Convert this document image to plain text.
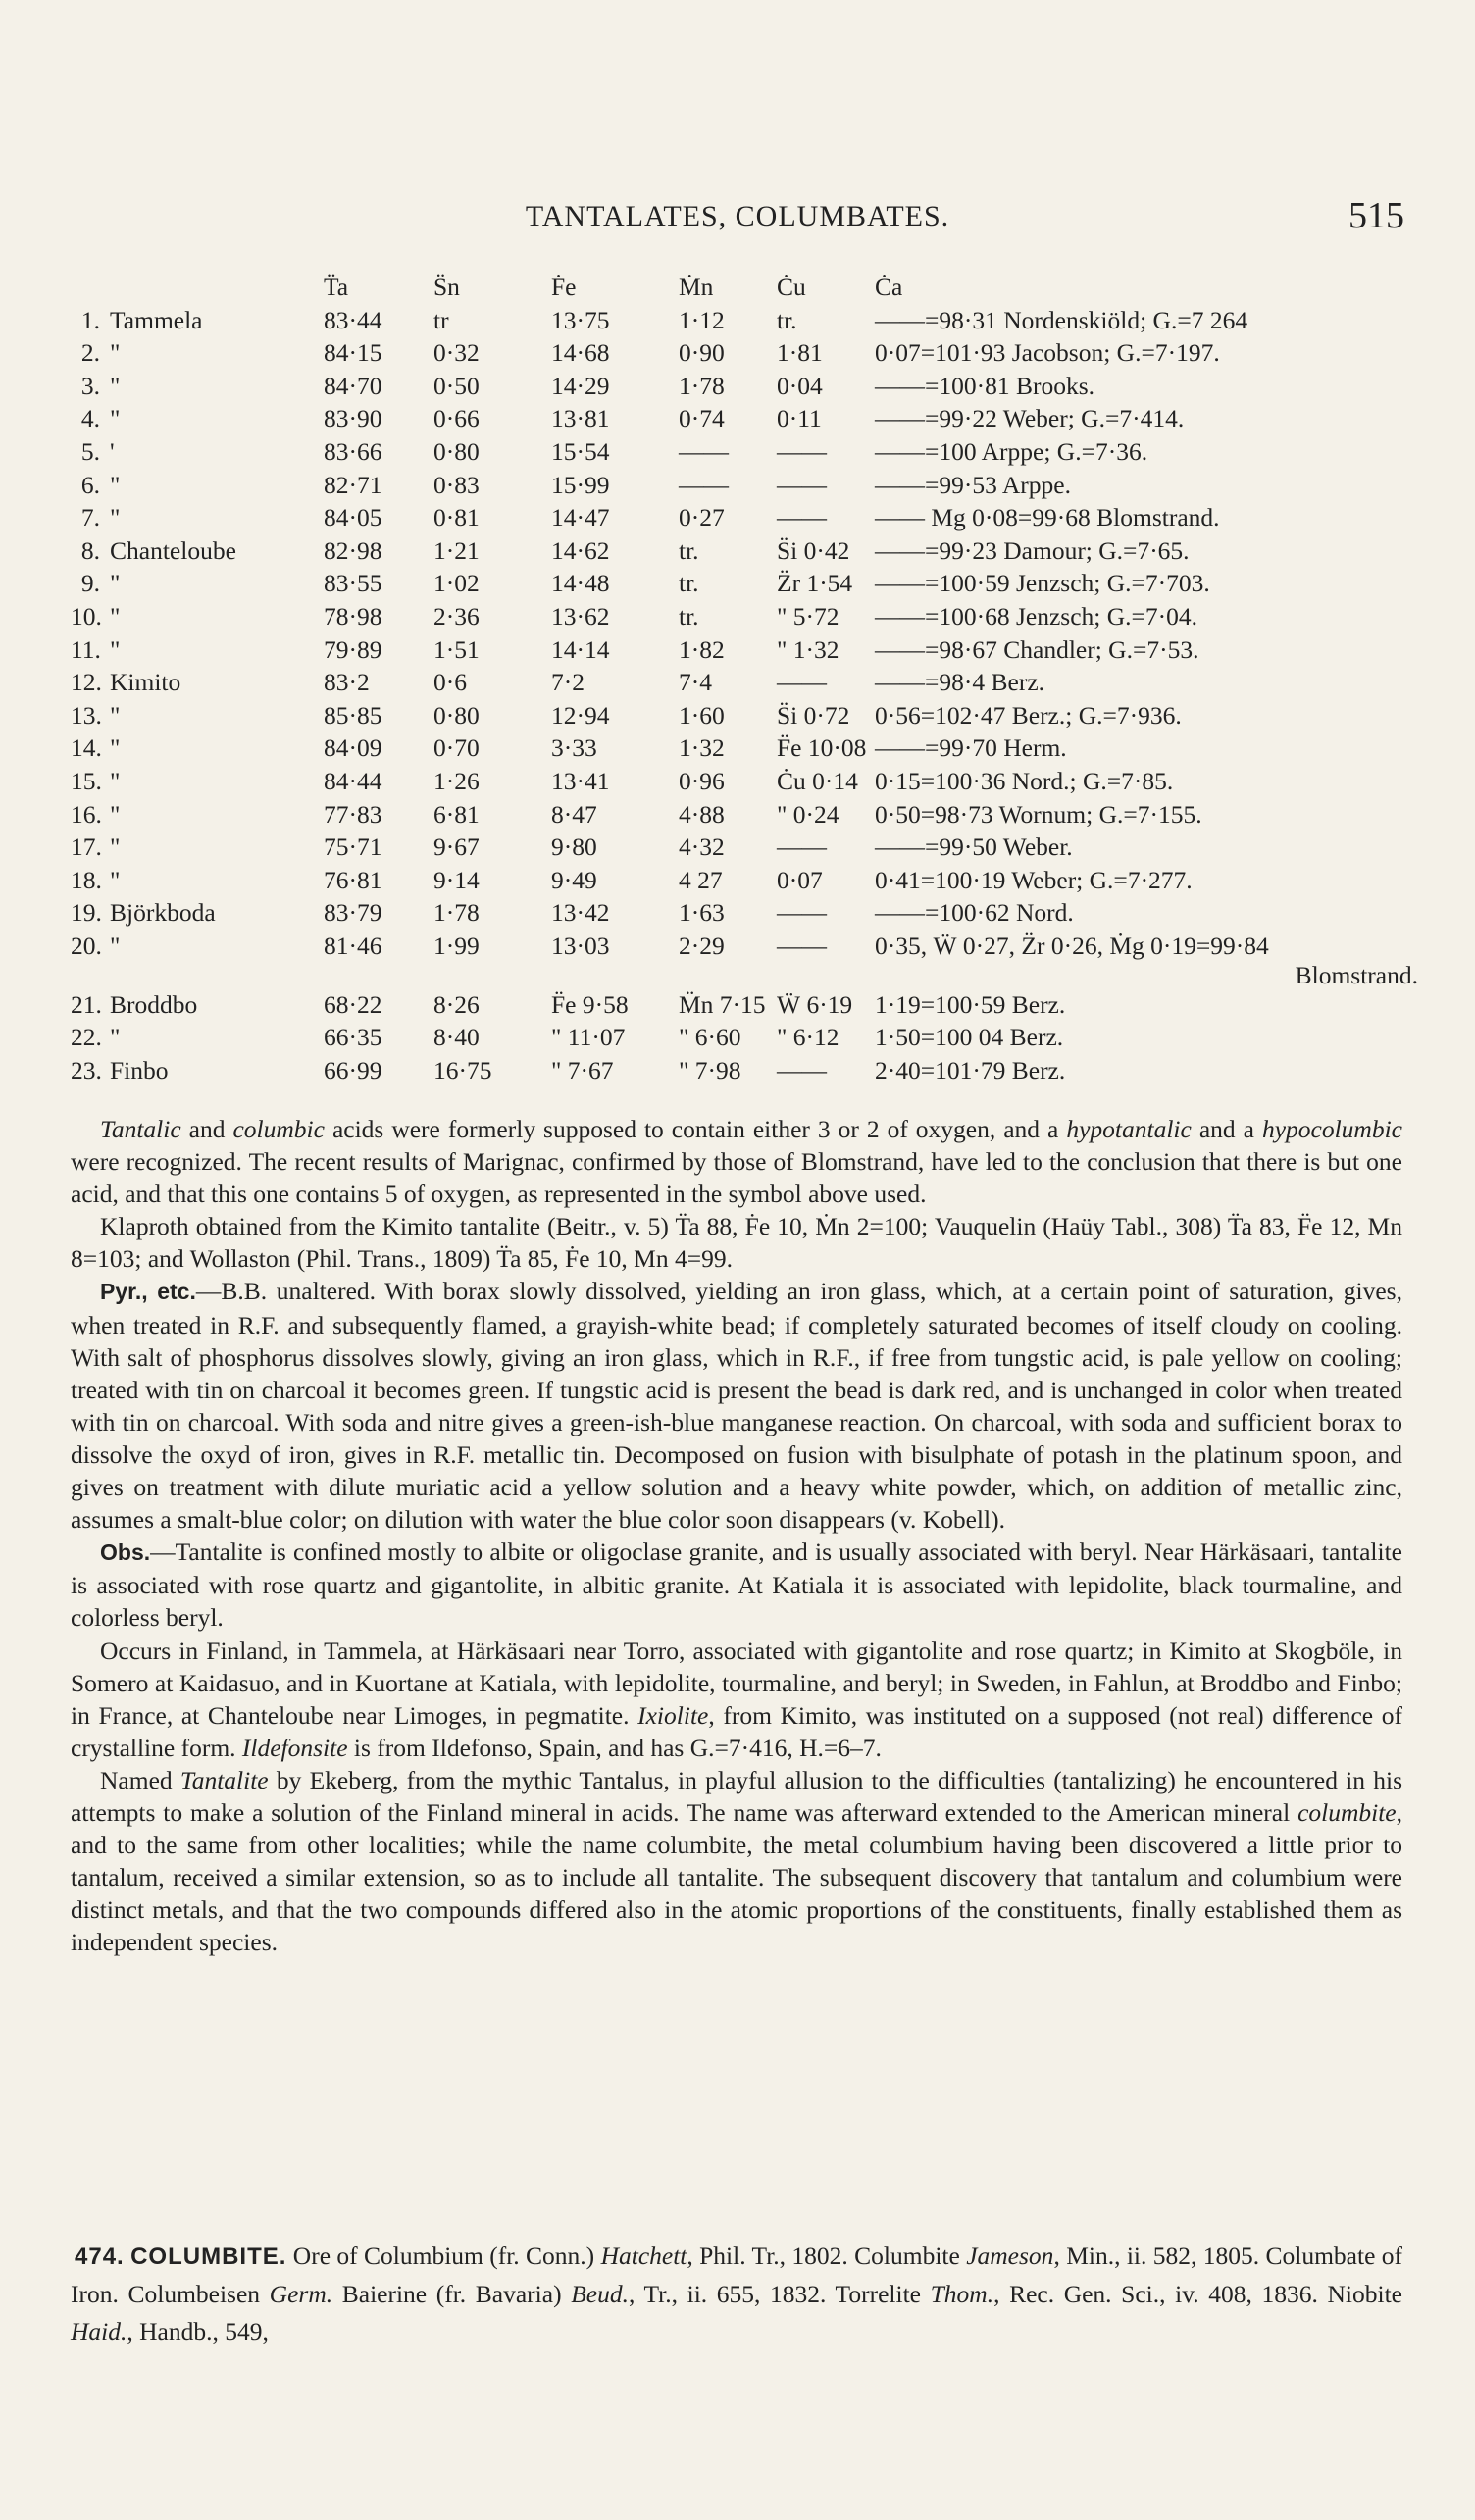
TANTALATES, COLUMBATES.	515
		T̈a	S̈n	Ḟe	Ṁn	Ċu	Ċa
1.	Tammela	83·44	tr	13·75	1·12	tr.	——=98·31 Nordenskiöld; G.=7 264
2.	"	84·15	0·32	14·68	0·90	1·81	0·07=101·93 Jacobson; G.=7·197.
3.	"	84·70	0·50	14·29	1·78	0·04	——=100·81 Brooks.
4.	"	83·90	0·66	13·81	0·74	0·11	——=99·22 Weber; G.=7·414.
5.	'	83·66	0·80	15·54	——	——	——=100 Arppe; G.=7·36.
6.	"	82·71	0·83	15·99	——	——	——=99·53 Arppe.
7.	"	84·05	0·81	14·47	0·27	——	—— Mg 0·08=99·68 Blomstrand.
8.	Chanteloube	82·98	1·21	14·62	tr.	S̈i 0·42	——=99·23 Damour; G.=7·65.
9.	"	83·55	1·02	14·48	tr.	Z̈r 1·54	——=100·59 Jenzsch; G.=7·703.
10.	"	78·98	2·36	13·62	tr.	" 5·72	——=100·68 Jenzsch; G.=7·04.
11.	"	79·89	1·51	14·14	1·82	" 1·32	——=98·67 Chandler; G.=7·53.
12.	Kimito	83·2	0·6	7·2	7·4	——	——=98·4 Berz.
13.	"	85·85	0·80	12·94	1·60	S̈i 0·72	0·56=102·47 Berz.; G.=7·936.
14.	"	84·09	0·70	3·33	1·32	F̈e 10·08	——=99·70 Herm.
15.	"	84·44	1·26	13·41	0·96	Ċu 0·14	0·15=100·36 Nord.; G.=7·85.
16.	"	77·83	6·81	8·47	4·88	" 0·24	0·50=98·73 Wornum; G.=7·155.
17.	"	75·71	9·67	9·80	4·32	——	——=99·50 Weber.
18.	"	76·81	9·14	9·49	4 27	0·07	0·41=100·19 Weber; G.=7·277.
19.	Björkboda	83·79	1·78	13·42	1·63	——	——=100·62 Nord.
20.	"	81·46	1·99	13·03	2·29	——	0·35, Ẅ 0·27, Z̈r 0·26, Ṁg 0·19=99·84
Blomstrand.

21.	Broddbo	68·22	8·26	F̈e 9·58	M̈n 7·15	Ẅ 6·19	1·19=100·59 Berz.
22.	"	66·35	8·40	" 11·07	" 6·60	" 6·12	1·50=100 04 Berz.
23.	Finbo	66·99	16·75	" 7·67	" 7·98	——	2·40=101·79 Berz.

Tantalic and columbic acids were formerly supposed to contain either 3 or 2 of oxygen, and a hypotantalic and a hypocolumbic were recognized. The recent results of Marignac, confirmed by those of Blomstrand, have led to the conclusion that there is but one acid, and that this one contains 5 of oxygen, as represented in the symbol above used.

Klaproth obtained from the Kimito tantalite (Beitr., v. 5) T̈a 88, Ḟe 10, Ṁn 2=100; Vauquelin (Haüy Tabl., 308) T̈a 83, F̈e 12, Mn 8=103; and Wollaston (Phil. Trans., 1809) T̈a 85, Ḟe 10, Mn 4=99.

Pyr., etc.—B.B. unaltered. With borax slowly dissolved, yielding an iron glass, which, at a certain point of saturation, gives, when treated in R.F. and subsequently flamed, a grayish-white bead; if completely saturated becomes of itself cloudy on cooling. With salt of phosphorus dissolves slowly, giving an iron glass, which in R.F., if free from tungstic acid, is pale yellow on cooling; treated with tin on charcoal it becomes green. If tungstic acid is present the bead is dark red, and is unchanged in color when treated with tin on charcoal. With soda and nitre gives a green-ish-blue manganese reaction. On charcoal, with soda and sufficient borax to dissolve the oxyd of iron, gives in R.F. metallic tin. Decomposed on fusion with bisulphate of potash in the platinum spoon, and gives on treatment with dilute muriatic acid a yellow solution and a heavy white powder, which, on addition of metallic zinc, assumes a smalt-blue color; on dilution with water the blue color soon disappears (v. Kobell).

Obs.—Tantalite is confined mostly to albite or oligoclase granite, and is usually associated with beryl. Near Härkäsaari, tantalite is associated with rose quartz and gigantolite, in albitic granite. At Katiala it is associated with lepidolite, black tourmaline, and colorless beryl.

Occurs in Finland, in Tammela, at Härkäsaari near Torro, associated with gigantolite and rose quartz; in Kimito at Skogböle, in Somero at Kaidasuo, and in Kuortane at Katiala, with lepidolite, tourmaline, and beryl; in Sweden, in Fahlun, at Broddbo and Finbo; in France, at Chanteloube near Limoges, in pegmatite. Ixiolite, from Kimito, was instituted on a supposed (not real) difference of crystalline form. Ildefonsite is from Ildefonso, Spain, and has G.=7·416, H.=6–7.

Named Tantalite by Ekeberg, from the mythic Tantalus, in playful allusion to the difficulties (tantalizing) he encountered in his attempts to make a solution of the Finland mineral in acids. The name was afterward extended to the American mineral columbite, and to the same from other localities; while the name columbite, the metal columbium having been discovered a little prior to tantalum, received a similar extension, so as to include all tantalite. The subsequent discovery that tantalum and columbium were distinct metals, and that the two compounds differed also in the atomic proportions of the constituents, finally established them as independent species.

474. COLUMBITE. Ore of Columbium (fr. Conn.) Hatchett, Phil. Tr., 1802. Columbite Jameson, Min., ii. 582, 1805. Columbate of Iron. Columbeisen Germ. Baierine (fr. Bavaria) Beud., Tr., ii. 655, 1832. Torrelite Thom., Rec. Gen. Sci., iv. 408, 1836. Niobite Haid., Handb., 549,
